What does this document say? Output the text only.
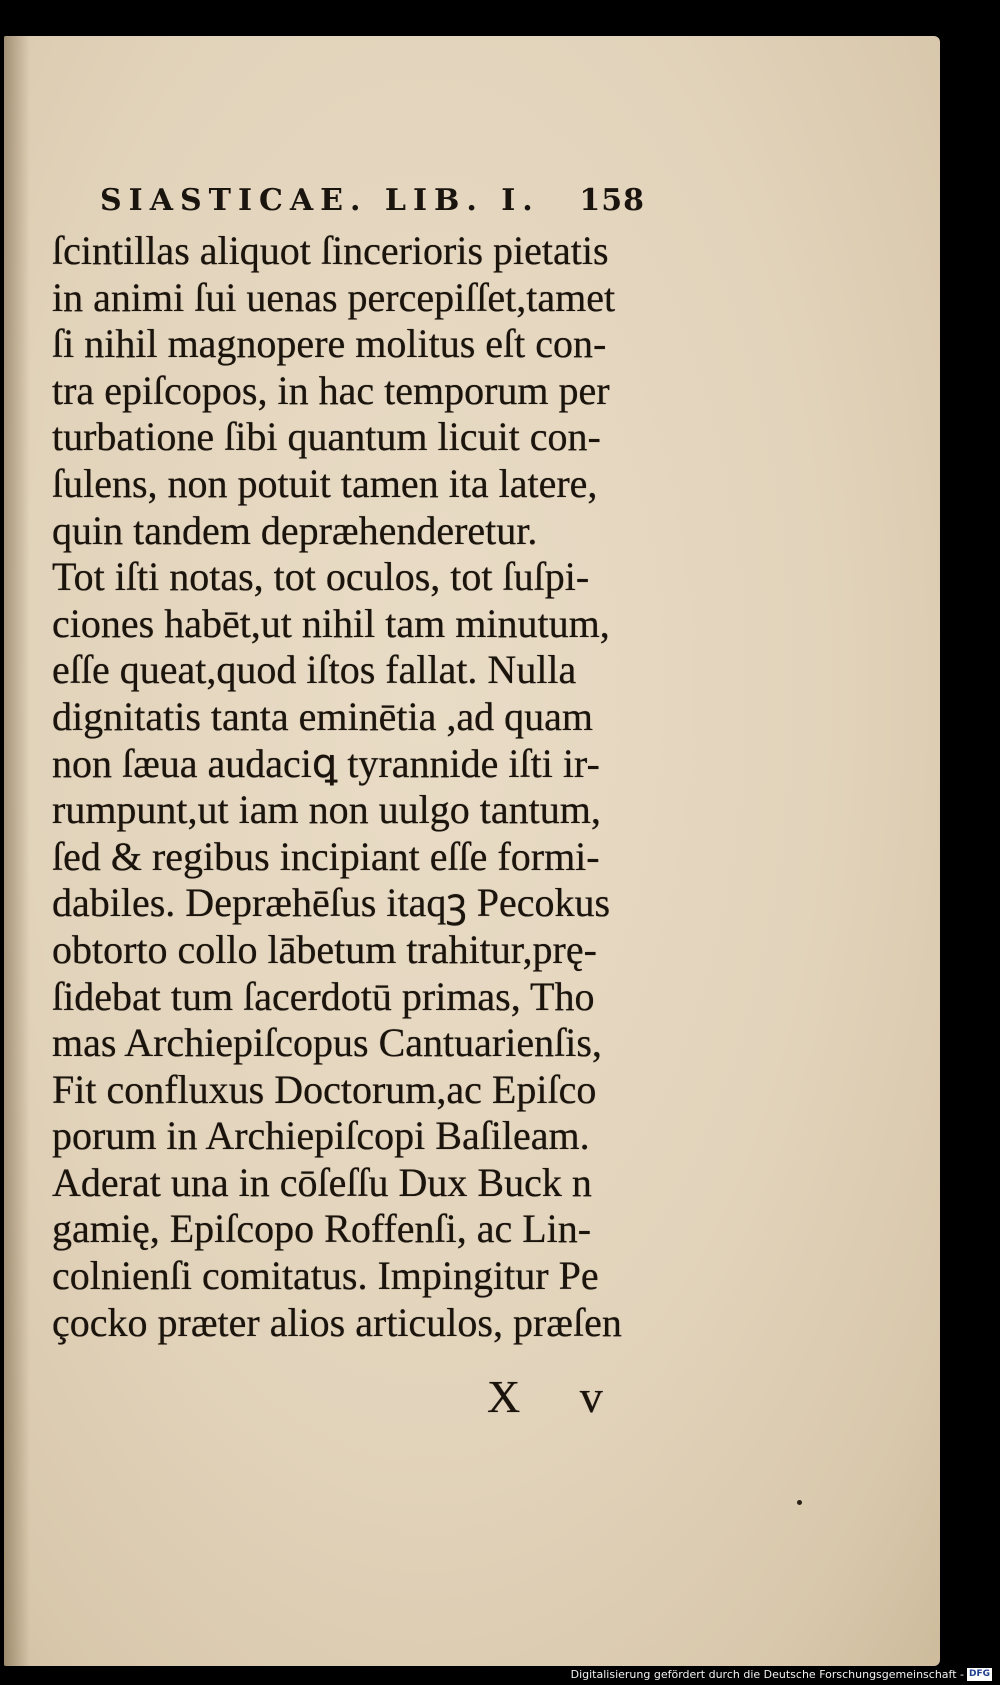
SIASTICAE. LIB. I. 158
ſcintillas aliquot ſincerioris pietatis
in animi ſui uenas percepiſſet,tamet
ſi nihil magnopere molitus eſt con-
tra epiſcopos, in hac temporum per
turbatione ſibi quantum licuit con-
ſulens, non potuit tamen ita latere,
quin tandem depræhenderetur.
Tot iſti notas, tot oculos, tot ſuſpi-
ciones habēt,ut nihil tam minutum,
eſſe queat,quod iſtos fallat. Nulla
dignitatis tanta eminētia ,ad quam
non ſæua audaciꝗ tyrannide iſti ir-
rumpunt,ut iam non uulgo tantum,
ſed & regibus incipiant eſſe formi-
dabiles. Depræhēſus itaqꝫ Pecokus
obtorto collo lābetum trahitur,prę-
ſidebat tum ſacerdotū primas, Tho
mas Archiepiſcopus Cantuarienſis,
Fit confluxus Doctorum,ac Epiſco
porum in Archiepiſcopi Baſileam.
Aderat una in cōſeſſu Dux Buck n
gamię, Epiſcopo Roffenſi, ac Lin-
colnienſi comitatus. Impingitur Pe
çocko præter alios articulos, præſen
X v
Digitalisierung gefördert durch die Deutsche Forschungsgemeinschaft - DFG
